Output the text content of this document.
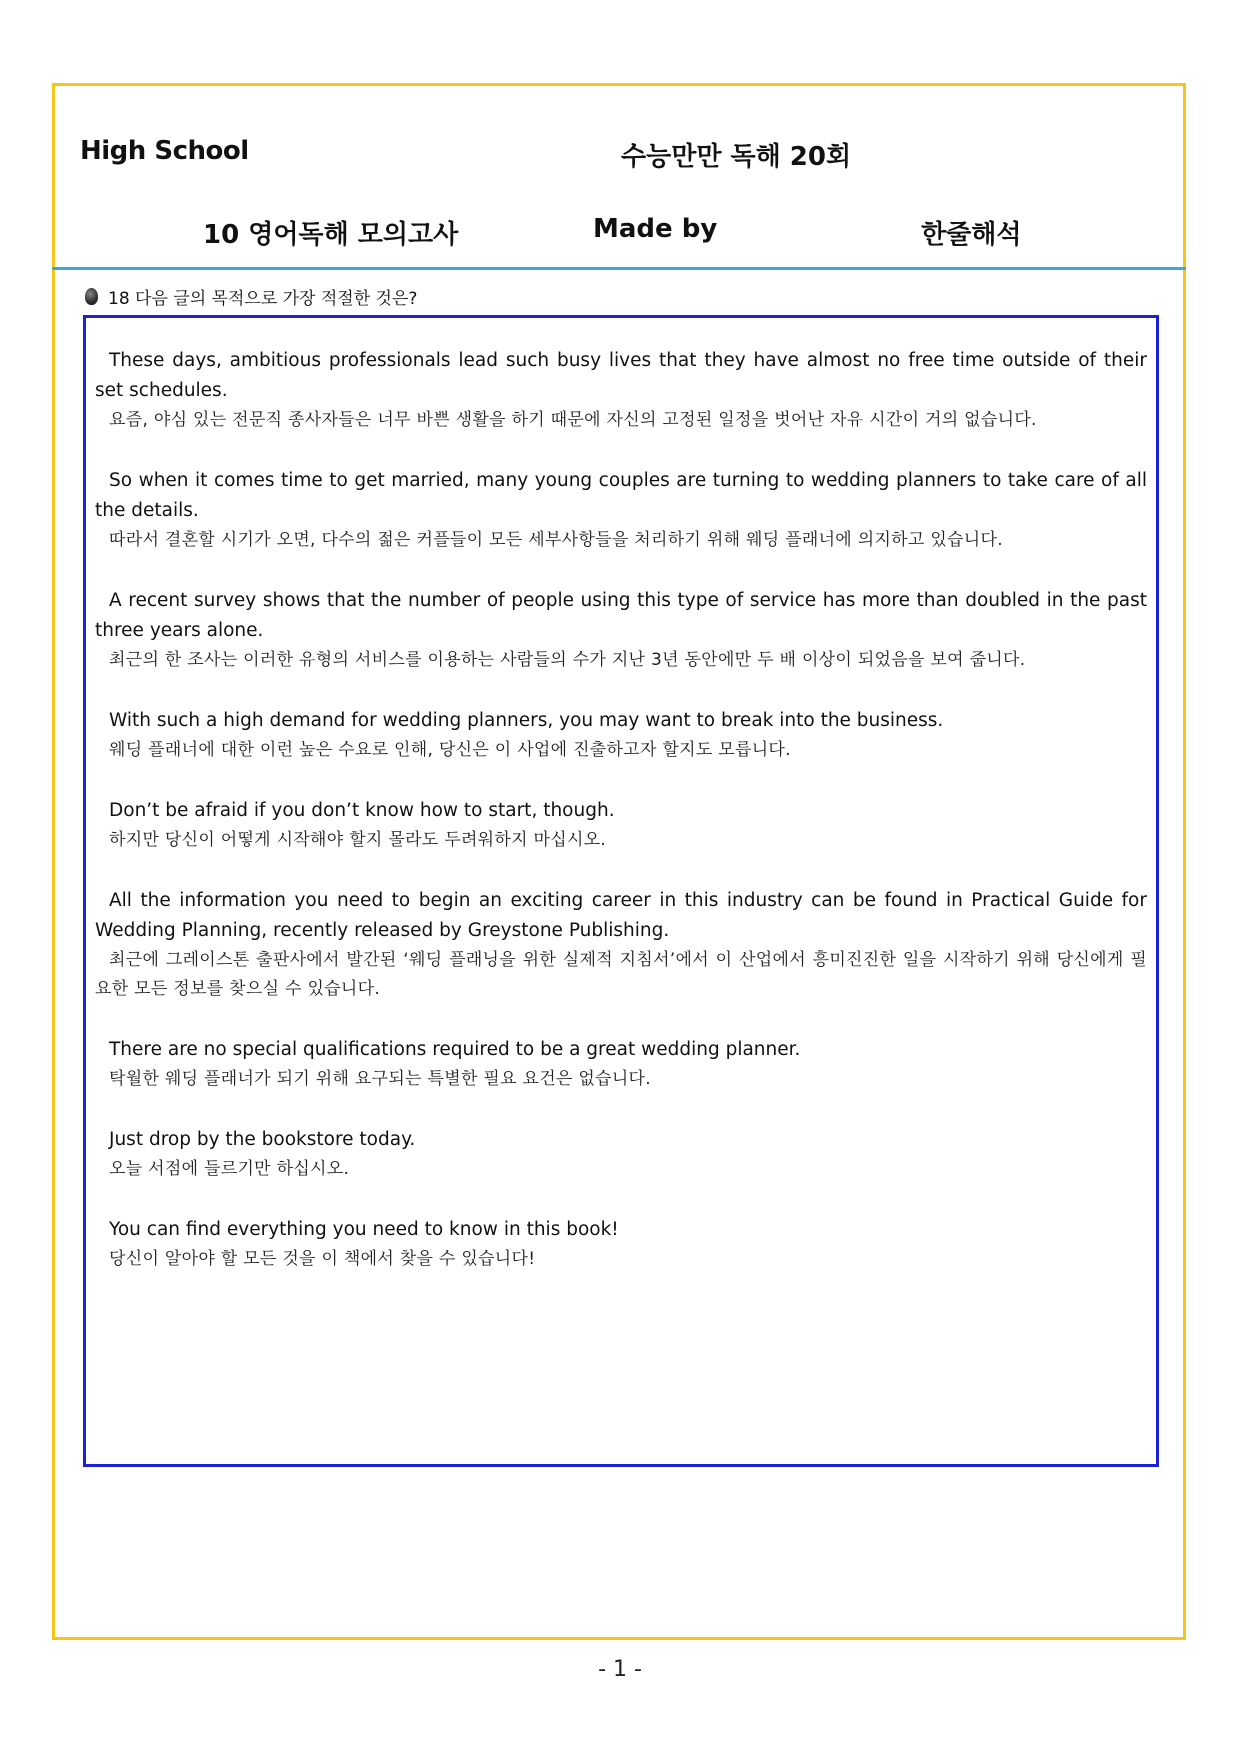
High School	수능만만 독해 20회
10 영어독해 모의고사	Made by	한줄해석
18 다음 글의 목적으로 가장 적절한 것은?

These days, ambitious professionals lead such busy lives that they have almost no free time outside of their set schedules.

요즘, 야심 있는 전문직 종사자들은 너무 바쁜 생활을 하기 때문에 자신의 고정된 일정을 벗어난 자유 시간이 거의 없습니다.

So when it comes time to get married, many young couples are turning to wedding planners to take care of all the details.

따라서 결혼할 시기가 오면, 다수의 젊은 커플들이 모든 세부사항들을 처리하기 위해 웨딩 플래너에 의지하고 있습니다.

A recent survey shows that the number of people using this type of service has more than doubled in the past three years alone.

최근의 한 조사는 이러한 유형의 서비스를 이용하는 사람들의 수가 지난 3년 동안에만 두 배 이상이 되었음을 보여 줍니다.

With such a high demand for wedding planners, you may want to break into the business.

웨딩 플래너에 대한 이런 높은 수요로 인해, 당신은 이 사업에 진출하고자 할지도 모릅니다.

Don’t be afraid if you don’t know how to start, though.

하지만 당신이 어떻게 시작해야 할지 몰라도 두려워하지 마십시오.

All the information you need to begin an exciting career in this industry can be found in Practical Guide for Wedding Planning, recently released by Greystone Publishing.

최근에 그레이스톤 출판사에서 발간된 ‘웨딩 플래닝을 위한 실제적 지침서’에서 이 산업에서 흥미진진한 일을 시작하기 위해 당신에게 필요한 모든 정보를 찾으실 수 있습니다.

There are no special qualifications required to be a great wedding planner.

탁월한 웨딩 플래너가 되기 위해 요구되는 특별한 필요 요건은 없습니다.

Just drop by the bookstore today.

오늘 서점에 들르기만 하십시오.

You can find everything you need to know in this book!

당신이 알아야 할 모든 것을 이 책에서 찾을 수 있습니다!

- 1 -
